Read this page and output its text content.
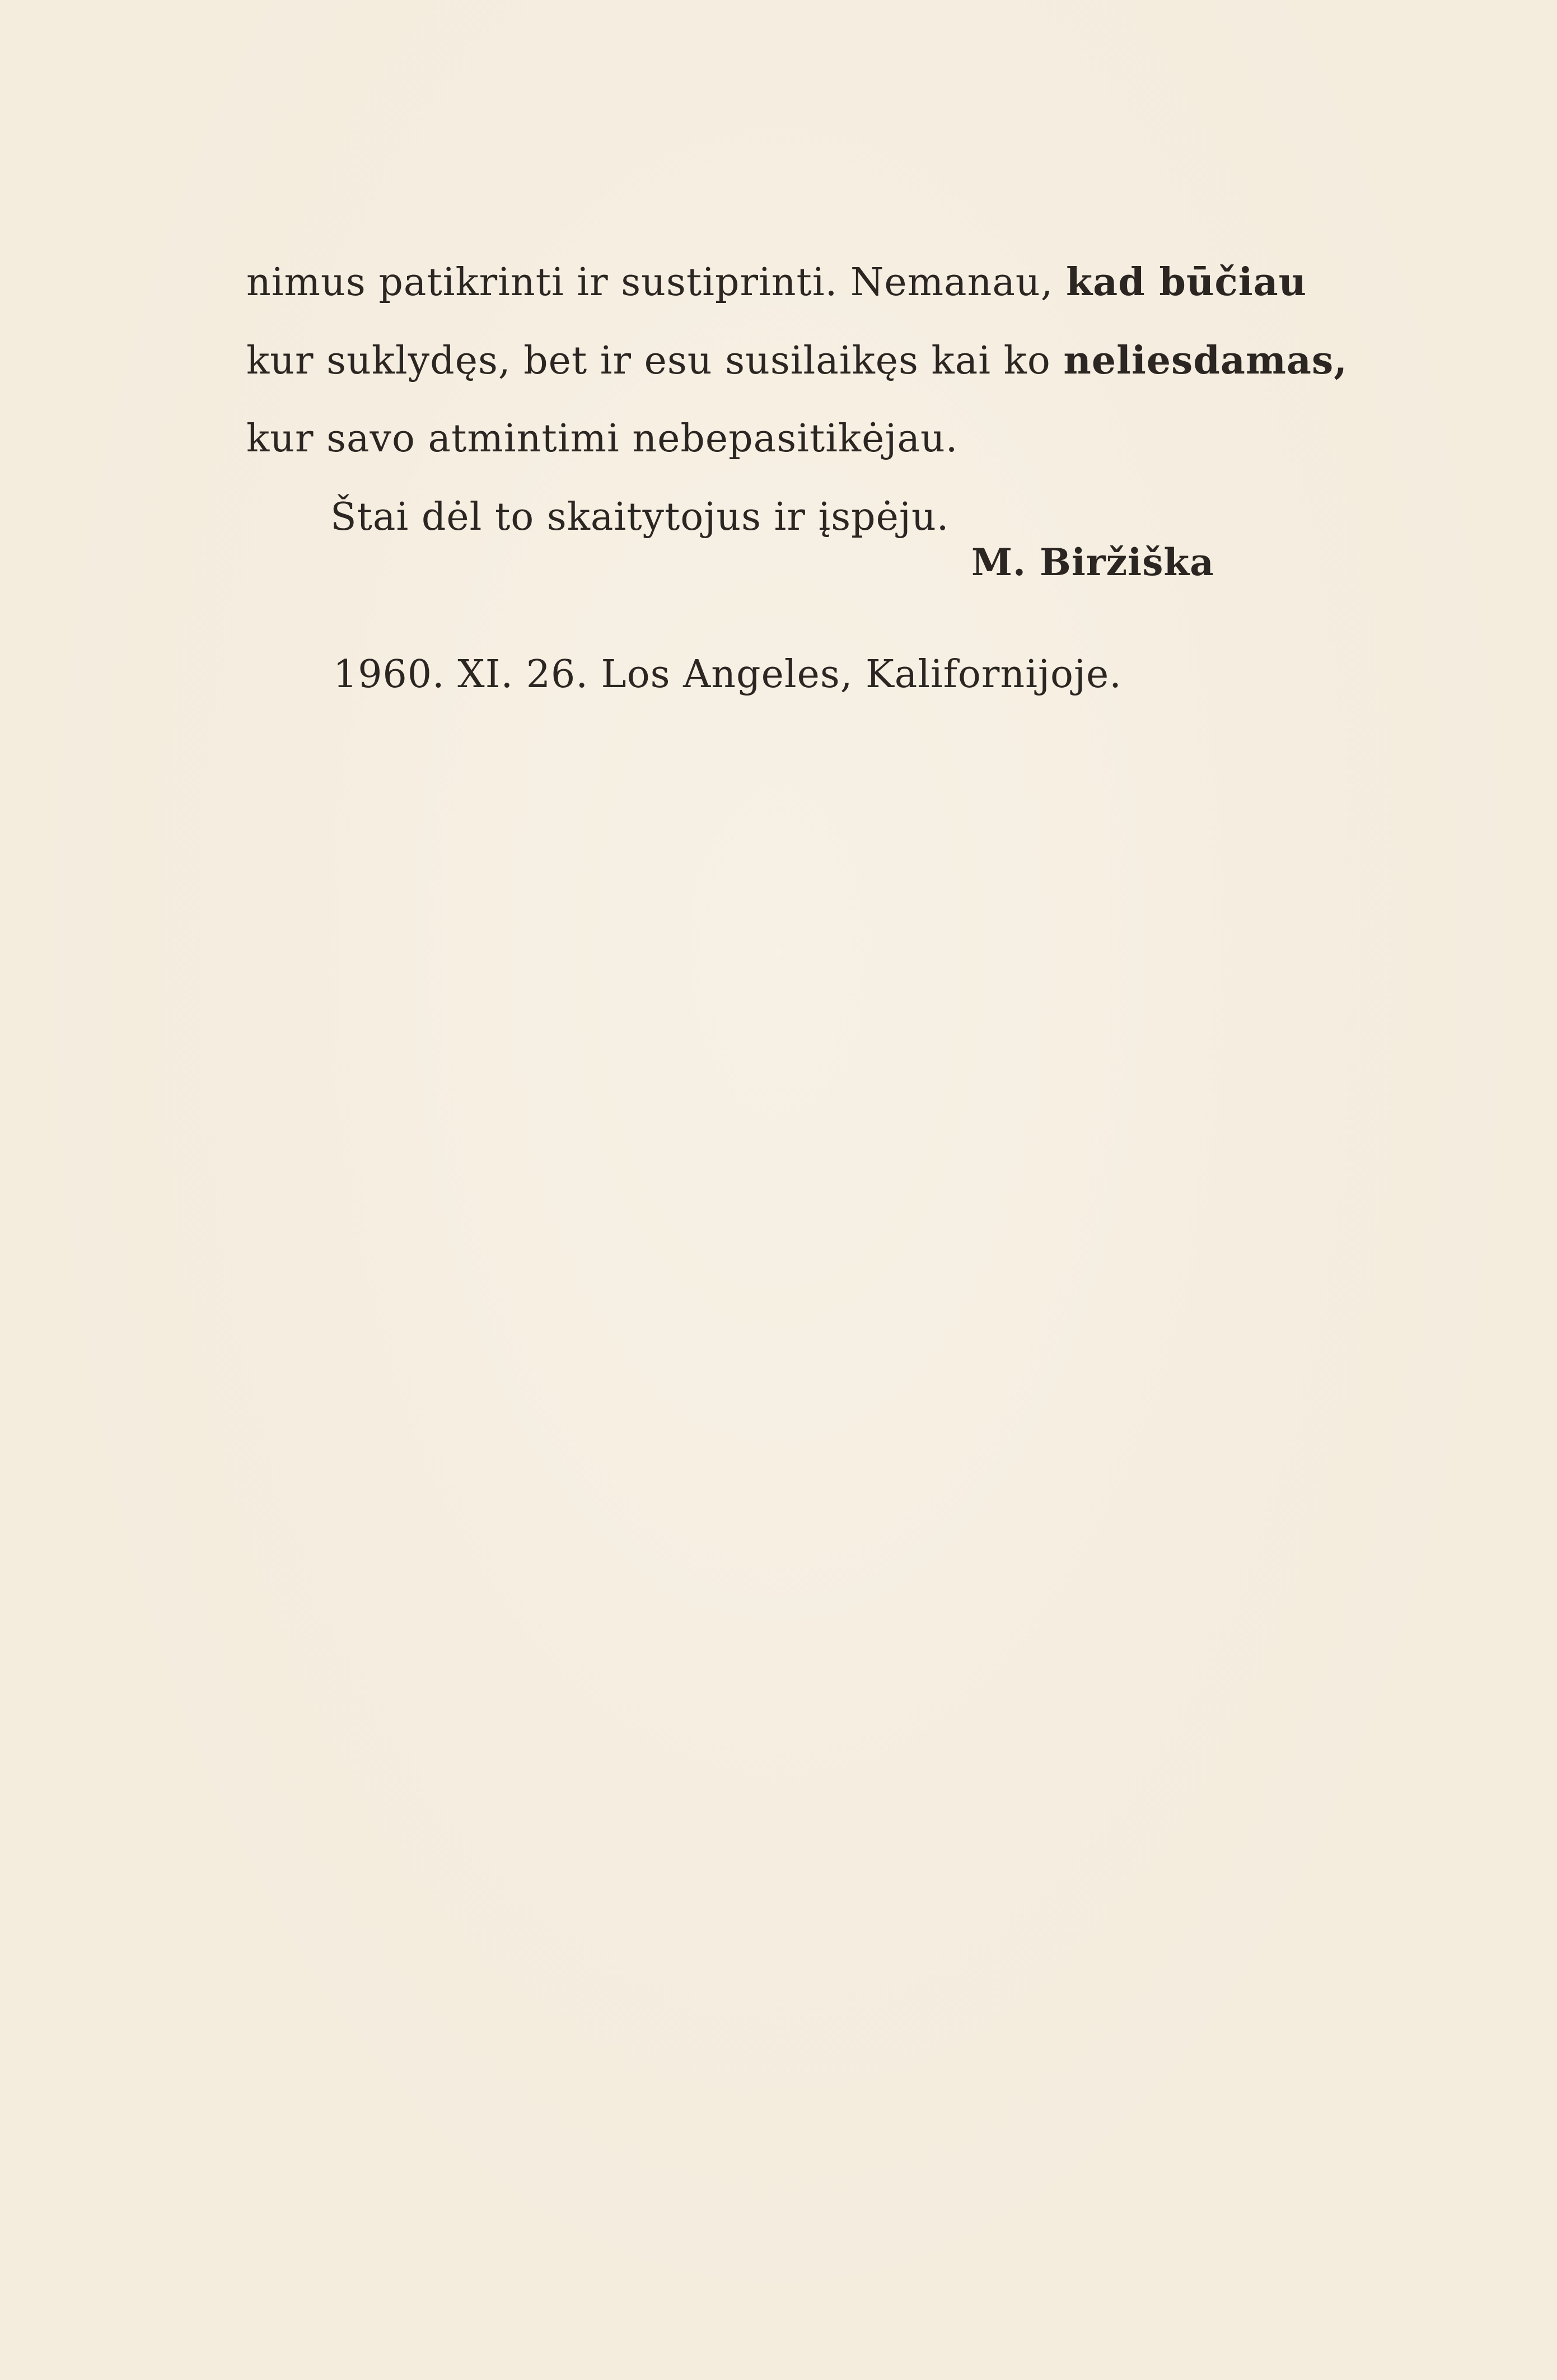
nimus patikrinti ir sustiprinti. Nemanau, kad būčiau
kur suklydęs, bet ir esu susilaikęs kai ko neliesdamas,
kur savo atmintimi nebepasitikėjau.
Štai dėl to skaitytojus ir įspėju.
M. Biržiška
1960. XI. 26. Los Angeles, Kalifornijoje.
